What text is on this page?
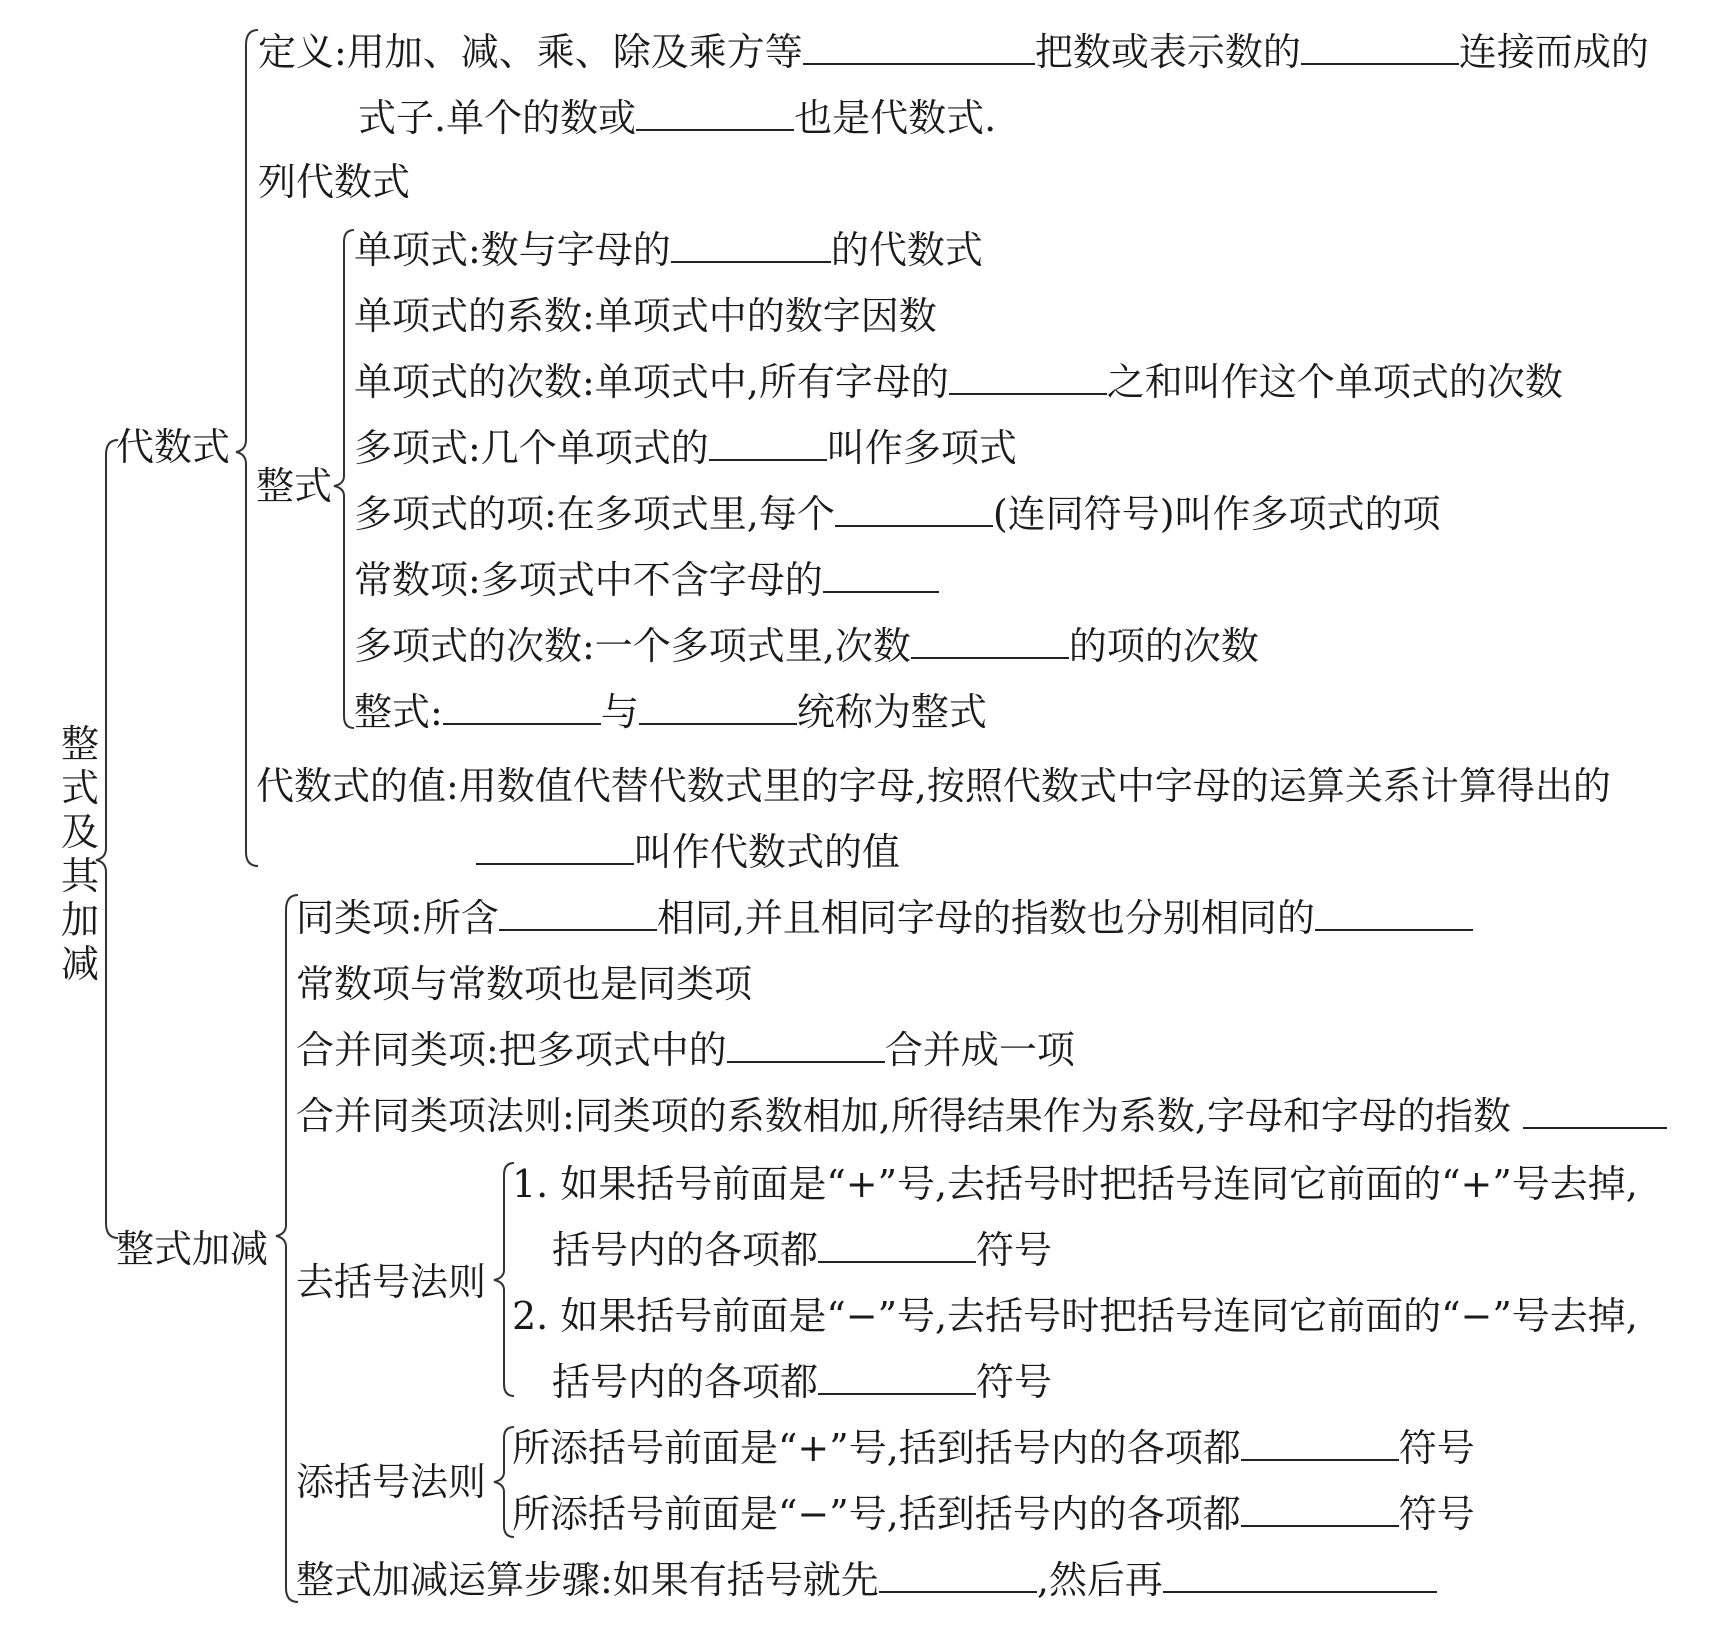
整式及其加减
代数式
整式加减
定义:用加、减、乘、除及乘方等	把数或表示数的	连接而成的
式子.单个的数或	也是代数式.
列代数式
整式
单项式:数与字母的	的代数式
单项式的系数:单项式中的数字因数
单项式的次数:单项式中,所有字母的	之和叫作这个单项式的次数
多项式:几个单项式的	叫作多项式
多项式的项:在多项式里,每个	(连同符号)叫作多项式的项
常数项:多项式中不含字母的
多项式的次数:一个多项式里,次数	的项的次数
整式:	与	统称为整式
代数式的值:用数值代替代数式里的字母,按照代数式中字母的运算关系计算得出的
叫作代数式的值
同类项:所含	相同,并且相同字母的指数也分别相同的
常数项与常数项也是同类项
合并同类项:把多项式中的	合并成一项
合并同类项法则:同类项的系数相加,所得结果作为系数,字母和字母的指数
去括号法则
1. 如果括号前面是“+”号,去括号时把括号连同它前面的“+”号去掉,
括号内的各项都	符号
2. 如果括号前面是“−”号,去括号时把括号连同它前面的“−”号去掉,
括号内的各项都	符号
添括号法则
所添括号前面是“+”号,括到括号内的各项都	符号
所添括号前面是“−”号,括到括号内的各项都	符号
整式加减运算步骤:如果有括号就先	,然后再
